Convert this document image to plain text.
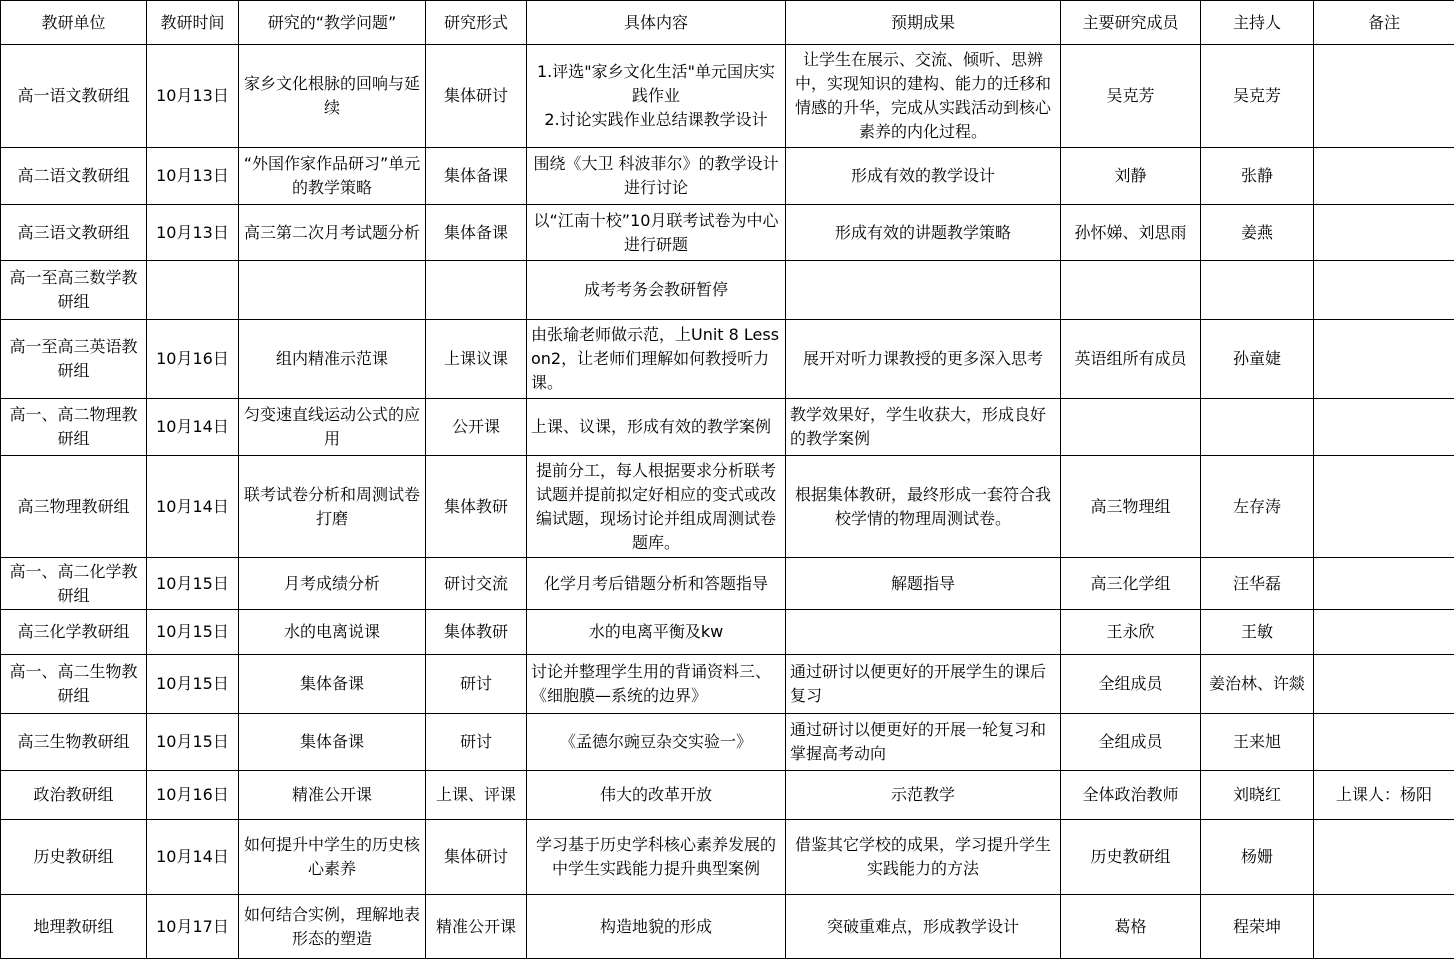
教研单位	教研时间	研究的“教学问题”	研究形式	具体内容	预期成果	主要研究成员	主持人	备注
高一语文教研组	10月13日	家乡文化根脉的回响与延续	集体研讨	1.评选"家乡文化生活"单元国庆实践作业
2.讨论实践作业总结课教学设计	让学生在展示、交流、倾听、思辨中，实现知识的建构、能力的迁移和情感的升华，完成从实践活动到核心素养的内化过程。	吴克芳	吴克芳	
高二语文教研组	10月13日	“外国作家作品研习”单元的教学策略	集体备课	围绕《大卫 科波菲尔》的教学设计进行讨论	形成有效的教学设计	刘静	张静	
高三语文教研组	10月13日	高三第二次月考试题分析	集体备课	以“江南十校”10月联考试卷为中心进行研题	形成有效的讲题教学策略	孙怀娣、刘思雨	姜燕	
高一至高三数学教研组				成考考务会教研暂停				
高一至高三英语教研组	10月16日	组内精准示范课	上课议课	由张瑜老师做示范，上Unit 8 Lesson2，让老师们理解如何教授听力课。	展开对听力课教授的更多深入思考	英语组所有成员	孙童婕	
高一、高二物理教研组	10月14日	匀变速直线运动公式的应用	公开课	上课、议课，形成有效的教学案例	教学效果好，学生收获大，形成良好的教学案例			
高三物理教研组	10月14日	联考试卷分析和周测试卷打磨	集体教研	提前分工，每人根据要求分析联考试题并提前拟定好相应的变式或改编试题，现场讨论并组成周测试卷题库。	根据集体教研，最终形成一套符合我校学情的物理周测试卷。	高三物理组	左存涛	
高一、高二化学教研组	10月15日	月考成绩分析	研讨交流	化学月考后错题分析和答题指导	解题指导	高三化学组	汪华磊	
高三化学教研组	10月15日	水的电离说课	集体教研	水的电离平衡及kw		王永欣	王敏	
高一、高二生物教研组	10月15日	集体备课	研讨	讨论并整理学生用的背诵资料三、《细胞膜—系统的边界》	通过研讨以便更好的开展学生的课后复习	全组成员	姜治林、许燚	
高三生物教研组	10月15日	集体备课	研讨	《孟德尔豌豆杂交实验一》	通过研讨以便更好的开展一轮复习和掌握高考动向	全组成员	王来旭	
政治教研组	10月16日	精准公开课	上课、评课	伟大的改革开放	示范教学	全体政治教师	刘晓红	上课人：杨阳
历史教研组	10月14日	如何提升中学生的历史核心素养	集体研讨	学习基于历史学科核心素养发展的中学生实践能力提升典型案例	借鉴其它学校的成果，学习提升学生实践能力的方法	历史教研组	杨姗	
地理教研组	10月17日	如何结合实例，理解地表形态的塑造	精准公开课	构造地貌的形成	突破重难点，形成教学设计	葛格	程荣坤	
